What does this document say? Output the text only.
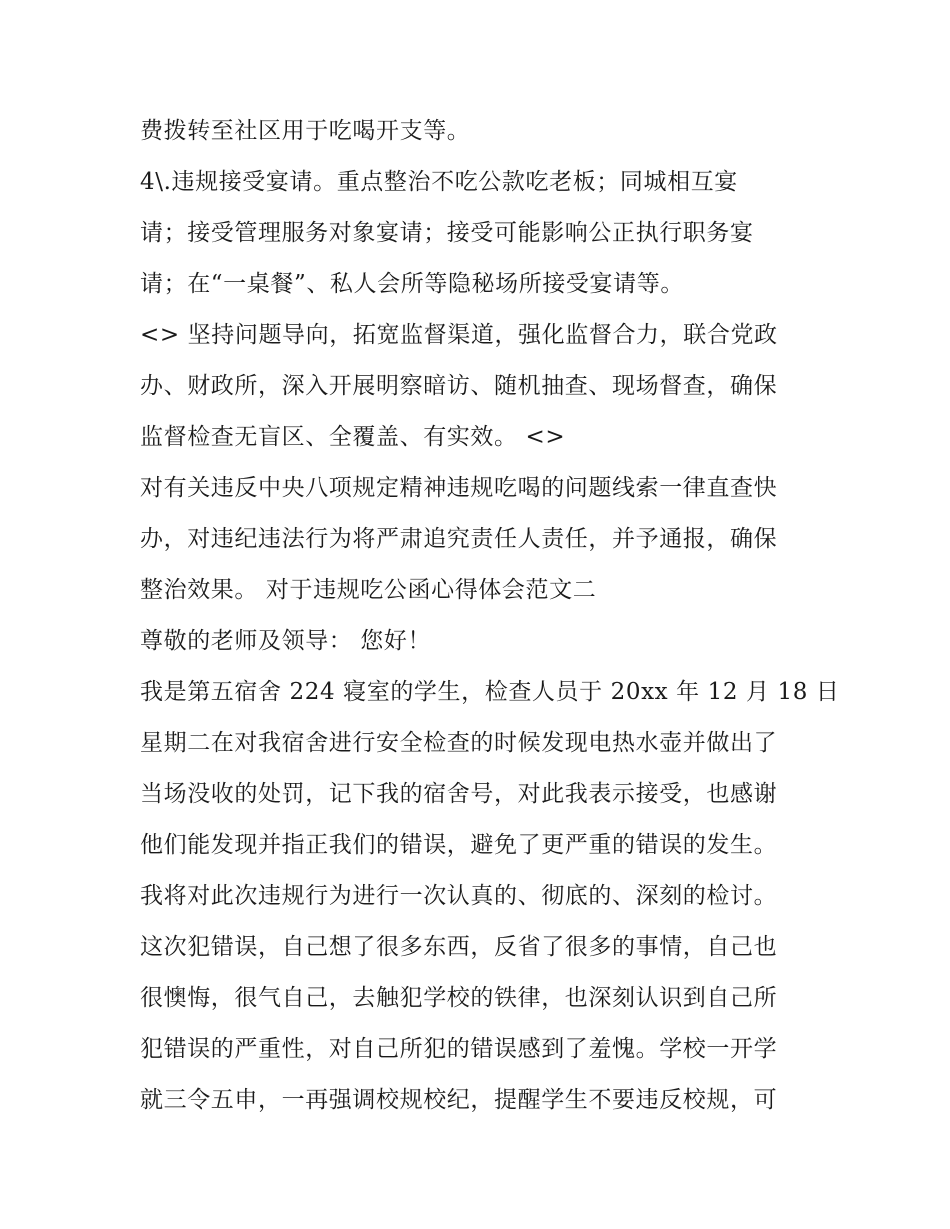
费拨转至社区用于吃喝开支等。
4\.违规接受宴请。重点整治不吃公款吃老板；同城相互宴
请；接受管理服务对象宴请；接受可能影响公正执行职务宴
请；在“一桌餐”、私人会所等隐秘场所接受宴请等。
<> 坚持问题导向，拓宽监督渠道，强化监督合力，联合党政
办、财政所，深入开展明察暗访、随机抽查、现场督查，确保
监督检查无盲区、全覆盖、有实效。 <>
对有关违反中央八项规定精神违规吃喝的问题线索一律直查快
办，对违纪违法行为将严肃追究责任人责任，并予通报，确保
整治效果。 对于违规吃公函心得体会范文二
尊敬的老师及领导： 您好！
我是第五宿舍 224 寝室的学生，检查人员于 20xx 年 12 月 18 日
星期二在对我宿舍进行安全检查的时候发现电热水壶并做出了
当场没收的处罚，记下我的宿舍号，对此我表示接受，也感谢
他们能发现并指正我们的错误，避免了更严重的错误的发生。
我将对此次违规行为进行一次认真的、彻底的、深刻的检讨。
这次犯错误，自己想了很多东西，反省了很多的事情，自己也
很懊悔，很气自己，去触犯学校的铁律，也深刻认识到自己所
犯错误的严重性，对自己所犯的错误感到了羞愧。学校一开学
就三令五申，一再强调校规校纪，提醒学生不要违反校规，可
